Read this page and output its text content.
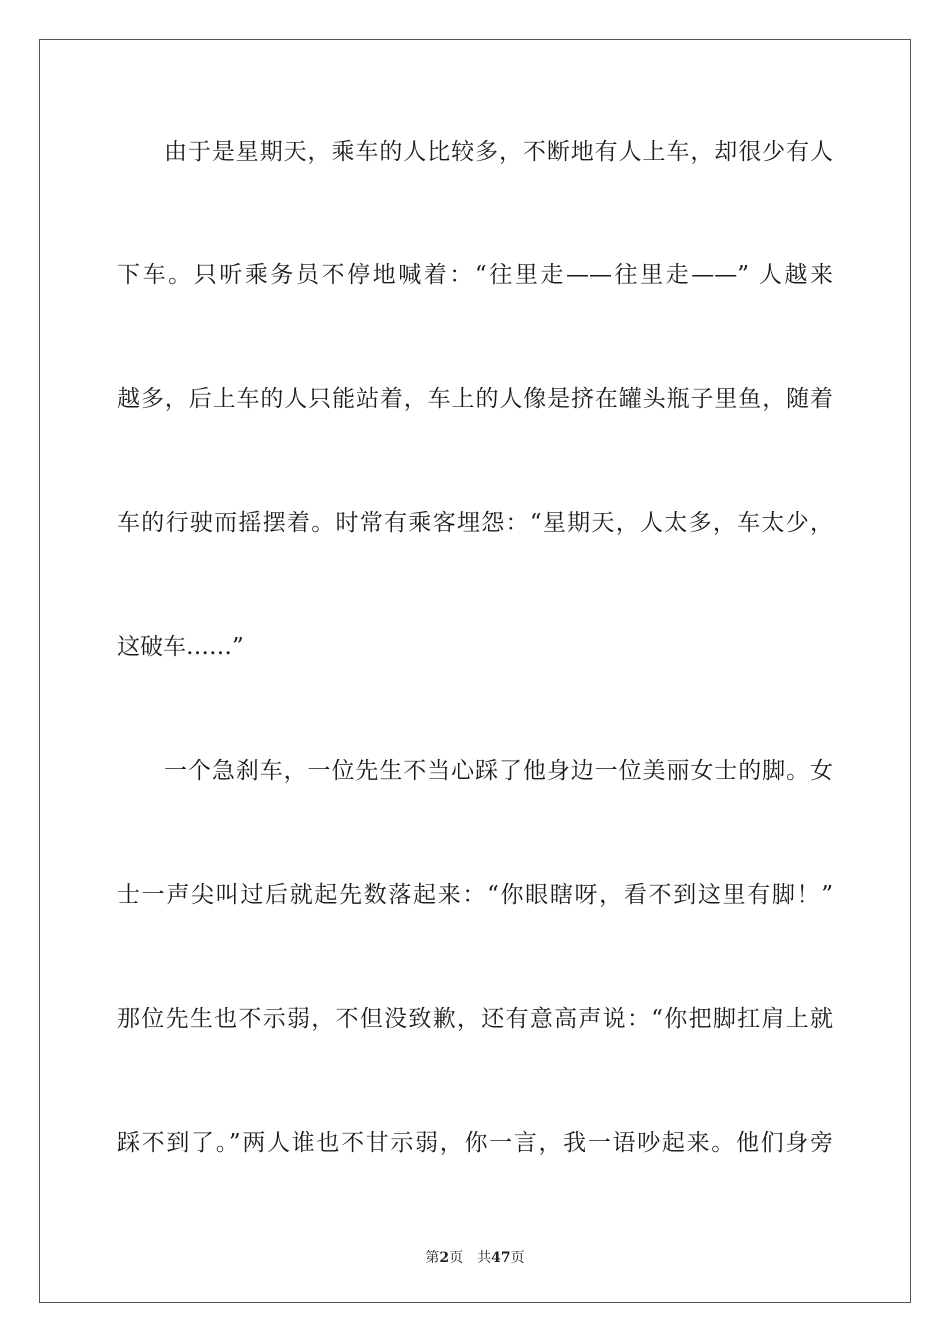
由于是星期天，乘车的人比较多，不断地有人上车，却很少有人
下车。只听乘务员不停地喊着：“往里走——往里走——” 人越来
越多，后上车的人只能站着，车上的人像是挤在罐头瓶子里鱼，随着
车的行驶而摇摆着。时常有乘客埋怨：“星期天，人太多，车太少，
这破车……”
一个急刹车，一位先生不当心踩了他身边一位美丽女士的脚。女
士一声尖叫过后就起先数落起来：“你眼瞎呀，看不到这里有脚！”
那位先生也不示弱，不但没致歉，还有意高声说：“你把脚扛肩上就
踩不到了。”两人谁也不甘示弱，你一言，我一语吵起来。他们身旁
第2页 共47页
